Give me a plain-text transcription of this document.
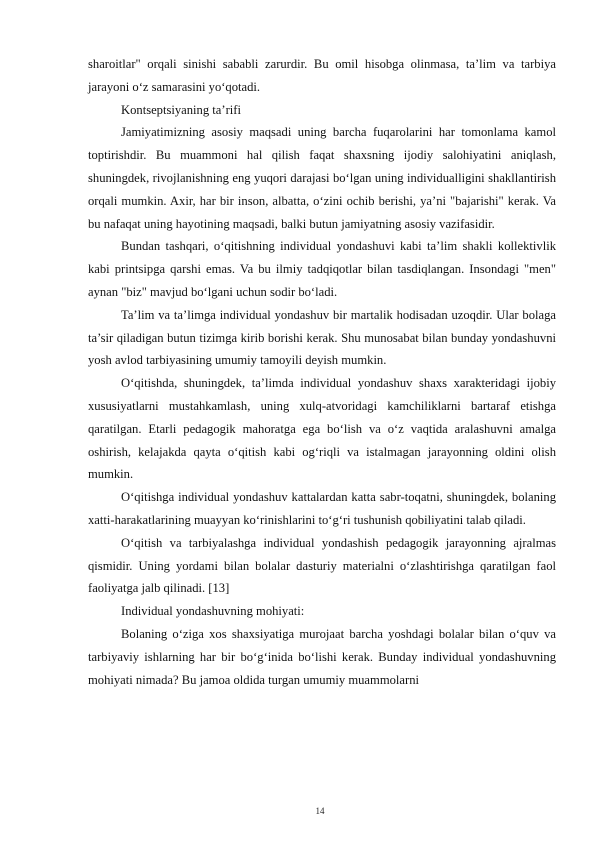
sharoitlar" orqali sinishi sababli zarurdir. Bu omil hisobga olinmasa, ta’lim va tarbiya jarayoni o‘z samarasini yo‘qotadi.

Kontseptsiyaning ta’rifi

Jamiyatimizning asosiy maqsadi uning barcha fuqarolarini har tomonlama kamol toptirishdir. Bu muammoni hal qilish faqat shaxsning ijodiy salohiyatini aniqlash, shuningdek, rivojlanishning eng yuqori darajasi bo‘lgan uning individualligini shakllantirish orqali mumkin. Axir, har bir inson, albatta, o‘zini ochib berishi, ya’ni "bajarishi" kerak. Va bu nafaqat uning hayotining maqsadi, balki butun jamiyatning asosiy vazifasidir.

Bundan tashqari, o‘qitishning individual yondashuvi kabi ta’lim shakli kollektivlik kabi printsipga qarshi emas. Va bu ilmiy tadqiqotlar bilan tasdiqlangan. Insondagi "men" aynan "biz" mavjud bo‘lgani uchun sodir bo‘ladi.

Ta’lim va ta’limga individual yondashuv bir martalik hodisadan uzoqdir. Ular bolaga ta’sir qiladigan butun tizimga kirib borishi kerak. Shu munosabat bilan bunday yondashuvni yosh avlod tarbiyasining umumiy tamoyili deyish mumkin.

O‘qitishda, shuningdek, ta’limda individual yondashuv shaxs xarakteridagi ijobiy xususiyatlarni mustahkamlash, uning xulq-atvoridagi kamchiliklarni bartaraf etishga qaratilgan. Etarli pedagogik mahoratga ega bo‘lish va o‘z vaqtida aralashuvni amalga oshirish, kelajakda qayta o‘qitish kabi og‘riqli va istalmagan jarayonning oldini olish mumkin.

O‘qitishga individual yondashuv kattalardan katta sabr-toqatni, shuningdek, bolaning xatti-harakatlarining muayyan ko‘rinishlarini to‘g‘ri tushunish qobiliyatini talab qiladi.

O‘qitish va tarbiyalashga individual yondashish pedagogik jarayonning ajralmas qismidir. Uning yordami bilan bolalar dasturiy materialni o‘zlashtirishga qaratilgan faol faoliyatga jalb qilinadi. [13]

Individual yondashuvning mohiyati:

Bolaning o‘ziga xos shaxsiyatiga murojaat barcha yoshdagi bolalar bilan o‘quv va tarbiyaviy ishlarning har bir bo‘g‘inida bo‘lishi kerak. Bunday individual yondashuvning mohiyati nimada? Bu jamoa oldida turgan umumiy muammolarni

14
